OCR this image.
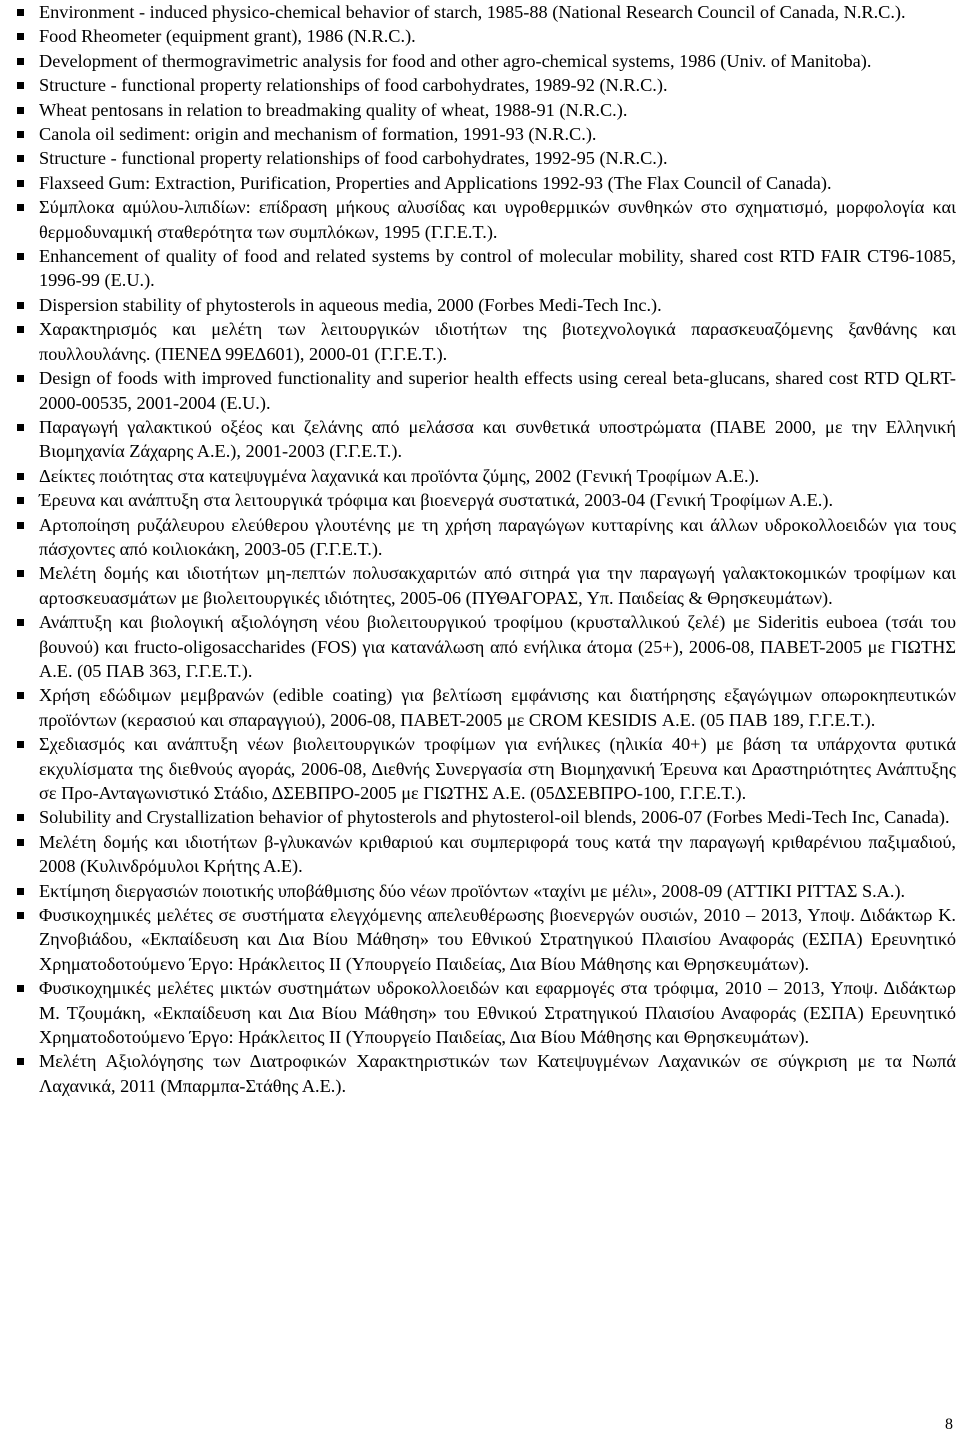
Environment - induced physico-chemical behavior of starch, 1985-88 (National Research Council of Canada, N.R.C.).
Food Rheometer (equipment grant), 1986 (N.R.C.).
Development of thermogravimetric analysis for food and other agro-chemical systems, 1986 (Univ. of Manitoba).
Structure - functional property relationships of food carbohydrates, 1989-92 (N.R.C.).
Wheat pentosans in relation to breadmaking quality of wheat, 1988-91 (N.R.C.).
Canola oil sediment: origin and mechanism of formation, 1991-93 (N.R.C.).
Structure - functional property relationships of food carbohydrates, 1992-95 (N.R.C.).
Flaxseed Gum: Extraction, Purification, Properties and Applications 1992-93 (The Flax Council of Canada).
Σύμπλοκα αμύλου-λιπιδίων: επίδραση μήκους αλυσίδας και υγροθερμικών συνθηκών στο σχηματισμό, μορφολογία και θερμοδυναμική σταθερότητα των συμπλόκων, 1995 (Γ.Γ.Ε.Τ.).
Enhancement of quality of food and related systems by control of molecular mobility, shared cost RTD FAIR CT96-1085, 1996-99 (E.U.).
Dispersion stability of phytosterols in aqueous media, 2000 (Forbes Medi-Tech Inc.).
Χαρακτηρισμός και μελέτη των λειτουργικών ιδιοτήτων της βιοτεχνολογικά παρασκευαζόμενης ξανθάνης και πουλλουλάνης. (ΠΕΝΕΔ 99ΕΔ601), 2000-01 (Γ.Γ.Ε.Τ.).
Design of foods with improved functionality and superior health effects using cereal beta-glucans, shared cost RTD QLRT-2000-00535, 2001-2004 (E.U.).
Παραγωγή γαλακτικού οξέος και ζελάνης από μελάσσα και συνθετικά υποστρώματα (ΠΑΒΕ 2000, με την Ελληνική Βιομηχανία Ζάχαρης Α.Ε.), 2001-2003 (Γ.Γ.Ε.Τ.).
Δείκτες ποιότητας στα κατεψυγμένα λαχανικά και προϊόντα ζύμης, 2002 (Γενική Τροφίμων Α.Ε.).
Έρευνα και ανάπτυξη στα λειτουργικά τρόφιμα και βιοενεργά συστατικά, 2003-04 (Γενική Τροφίμων Α.Ε.).
Αρτοποίηση ρυζάλευρου ελεύθερου γλουτένης με τη χρήση παραγώγων κυτταρίνης και άλλων υδροκολλοειδών για τους πάσχοντες από κοιλιοκάκη, 2003-05 (Γ.Γ.Ε.Τ.).
Μελέτη δομής και ιδιοτήτων μη-πεπτών πολυσακχαριτών από σιτηρά για την παραγωγή γαλακτοκομικών τροφίμων και αρτοσκευασμάτων με βιολειτουργικές ιδιότητες, 2005-06 (ΠΥΘΑΓΟΡΑΣ, Υπ. Παιδείας & Θρησκευμάτων).
Ανάπτυξη και βιολογική αξιολόγηση νέου βιολειτουργικού τροφίμου (κρυσταλλικού ζελέ) με Sideritis euboea (τσάι του βουνού) και fructo-oligosaccharides (FOS) για κατανάλωση από ενήλικα άτομα (25+), 2006-08, ΠΑΒΕΤ-2005 με ΓΙΩΤΗΣ Α.Ε. (05 ΠΑΒ 363, Γ.Γ.Ε.Τ.).
Χρήση εδώδιμων μεμβρανών (edible coating) για βελτίωση εμφάνισης και διατήρησης εξαγώγιμων οπωροκηπευτικών προϊόντων (κερασιού και σπαραγγιού), 2006-08, ΠΑΒΕΤ-2005 με CROM KESIDIS Α.Ε. (05 ΠΑΒ 189, Γ.Γ.Ε.Τ.).
Σχεδιασμός και ανάπτυξη νέων βιολειτουργικών τροφίμων για ενήλικες (ηλικία 40+) με βάση τα υπάρχοντα φυτικά εκχυλίσματα της διεθνούς αγοράς, 2006-08, Διεθνής Συνεργασία στη Βιομηχανική Έρευνα και Δραστηριότητες Ανάπτυξης σε Προ-Ανταγωνιστικό Στάδιο, ΔΣΕΒΠΡΟ-2005 με ΓΙΩΤΗΣ Α.Ε. (05ΔΣΕΒΠΡΟ-100, Γ.Γ.Ε.Τ.).
Solubility and Crystallization behavior of phytosterols and phytosterol-oil blends, 2006-07 (Forbes Medi-Tech Inc, Canada).
Μελέτη δομής και ιδιοτήτων β-γλυκανών κριθαριού και συμπεριφορά τους κατά την παραγωγή κριθαρένιου παξιμαδιού, 2008 (Κυλινδρόμυλοι Κρήτης Α.Ε).
Εκτίμηση διεργασιών ποιοτικής υποβάθμισης δύο νέων προϊόντων «ταχίνι με μέλι», 2008-09 (ΑΤΤΙΚΙ ΡΙΤΤΑΣ S.A.).
Φυσικοχημικές μελέτες σε συστήματα ελεγχόμενης απελευθέρωσης βιοενεργών ουσιών, 2010 – 2013, Υποψ. Διδάκτωρ Κ. Ζηνοβιάδου, «Εκπαίδευση και Δια Βίου Μάθηση» του Εθνικού Στρατηγικού Πλαισίου Αναφοράς (ΕΣΠΑ) Ερευνητικό Χρηματοδοτούμενο Έργο: Ηράκλειτος ΙΙ (Υπουργείο Παιδείας, Δια Βίου Μάθησης και Θρησκευμάτων).
Φυσικοχημικές μελέτες μικτών συστημάτων υδροκολλοειδών και εφαρμογές στα τρόφιμα, 2010 – 2013, Υποψ. Διδάκτωρ Μ. Τζουμάκη, «Εκπαίδευση και Δια Βίου Μάθηση» του Εθνικού Στρατηγικού Πλαισίου Αναφοράς (ΕΣΠΑ) Ερευνητικό Χρηματοδοτούμενο Έργο: Ηράκλειτος ΙΙ (Υπουργείο Παιδείας, Δια Βίου Μάθησης και Θρησκευμάτων).
Μελέτη Αξιολόγησης των Διατροφικών Χαρακτηριστικών των Κατεψυγμένων Λαχανικών σε σύγκριση με τα Νωπά Λαχανικά, 2011 (Μπαρμπα-Στάθης Α.Ε.).
8
